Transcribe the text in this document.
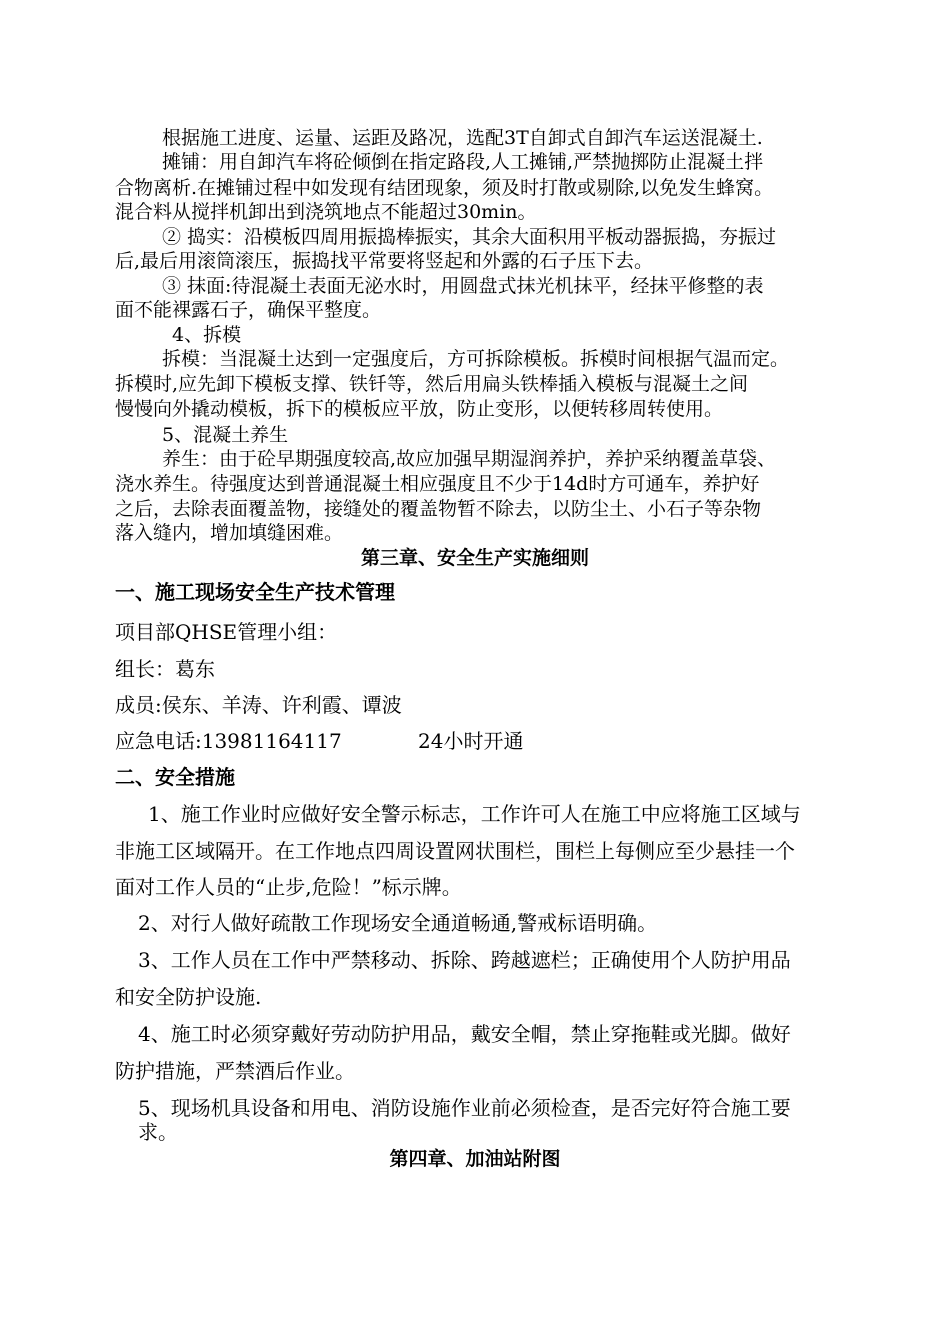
根据施工进度、运量、运距及路况，选配3T自卸式自卸汽车运送混凝土.
摊铺：用自卸汽车将砼倾倒在指定路段,人工摊铺,严禁抛掷防止混凝土拌
合物离析.在摊铺过程中如发现有结团现象，须及时打散或剔除,以免发生蜂窝。
混合料从搅拌机卸出到浇筑地点不能超过30min。
② 捣实：沿模板四周用振捣棒振实，其余大面积用平板动器振捣，夯振过
后,最后用滚筒滚压，振捣找平常要将竖起和外露的石子压下去。
③ 抹面:待混凝土表面无泌水时，用圆盘式抹光机抹平，经抹平修整的表
面不能裸露石子，确保平整度。
4、拆模
拆模：当混凝土达到一定强度后，方可拆除模板。拆模时间根据气温而定。
拆模时,应先卸下模板支撑、铁钎等，然后用扁头铁棒插入模板与混凝土之间
慢慢向外撬动模板，拆下的模板应平放，防止变形，以便转移周转使用。
5、混凝土养生
养生：由于砼早期强度较高,故应加强早期湿润养护，养护采纳覆盖草袋、
浇水养生。待强度达到普通混凝土相应强度且不少于14d时方可通车，养护好
之后，去除表面覆盖物，接缝处的覆盖物暂不除去，以防尘土、小石子等杂物
落入缝内，增加填缝困难。
第三章、安全生产实施细则
一、施工现场安全生产技术管理
项目部QHSE管理小组：
组长：葛东
成员:侯东、羊涛、许利霞、谭波
应急电话:13981164117	24小时开通
二、安全措施
1、施工作业时应做好安全警示标志，工作许可人在施工中应将施工区域与
非施工区域隔开。在工作地点四周设置网状围栏，围栏上每侧应至少悬挂一个
面对工作人员的“止步,危险！”标示牌。
2、对行人做好疏散工作现场安全通道畅通,警戒标语明确。
3、工作人员在工作中严禁移动、拆除、跨越遮栏；正确使用个人防护用品
和安全防护设施.
4、施工时必须穿戴好劳动防护用品，戴安全帽，禁止穿拖鞋或光脚。做好
防护措施，严禁酒后作业。
5、现场机具设备和用电、消防设施作业前必须检查，是否完好符合施工要
求。
第四章、加油站附图
